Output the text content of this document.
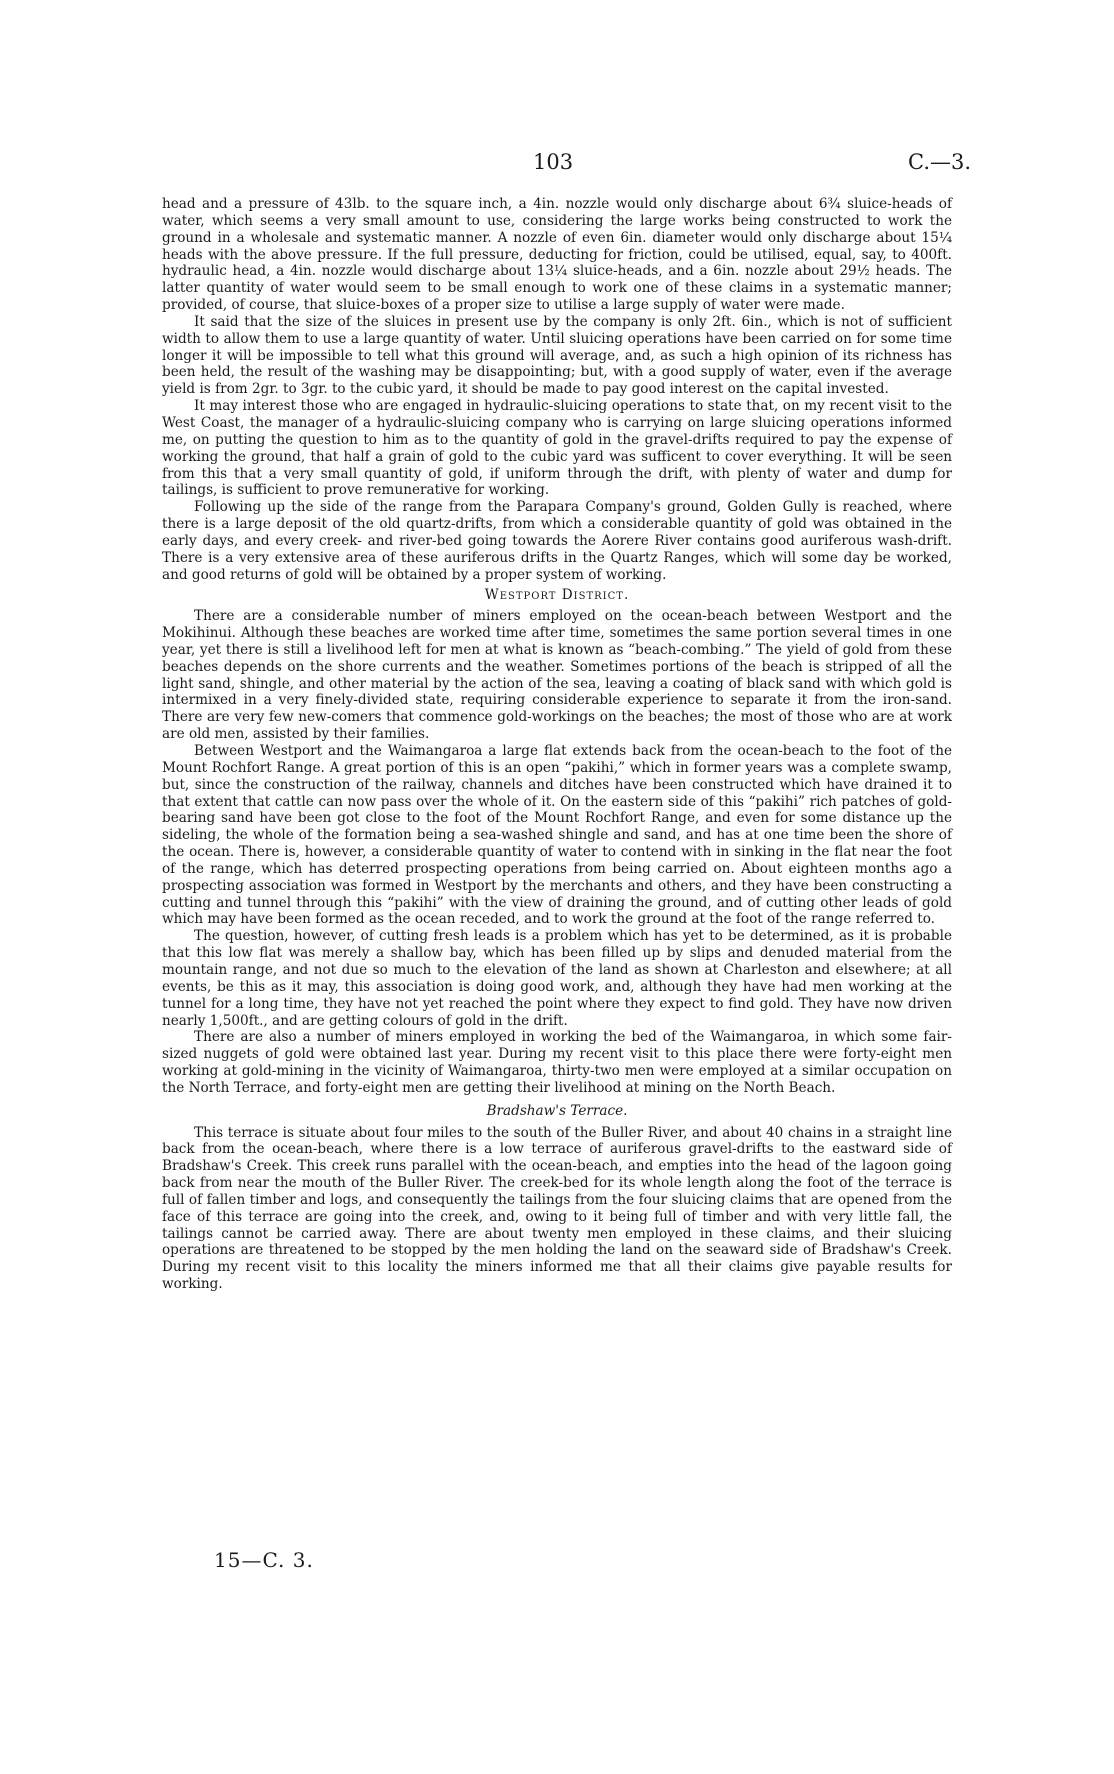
103	C.—3.

head and a pressure of 43lb. to the square inch, a 4in. nozzle would only discharge about 6¾ sluice-heads of water, which seems a very small amount to use, considering the large works being constructed to work the ground in a wholesale and systematic manner. A nozzle of even 6in. diameter would only discharge about 15¼ heads with the above pressure. If the full pressure, deducting for friction, could be utilised, equal, say, to 400ft. hydraulic head, a 4in. nozzle would discharge about 13¼ sluice-heads, and a 6in. nozzle about 29½ heads. The latter quantity of water would seem to be small enough to work one of these claims in a systematic manner; provided, of course, that sluice-boxes of a proper size to utilise a large supply of water were made.

It said that the size of the sluices in present use by the company is only 2ft. 6in., which is not of sufficient width to allow them to use a large quantity of water. Until sluicing operations have been carried on for some time longer it will be impossible to tell what this ground will average, and, as such a high opinion of its richness has been held, the result of the washing may be disappointing; but, with a good supply of water, even if the average yield is from 2gr. to 3gr. to the cubic yard, it should be made to pay good interest on the capital invested.

It may interest those who are engaged in hydraulic-sluicing operations to state that, on my recent visit to the West Coast, the manager of a hydraulic-sluicing company who is carrying on large sluicing operations informed me, on putting the question to him as to the quantity of gold in the gravel-drifts required to pay the expense of working the ground, that half a grain of gold to the cubic yard was sufficent to cover everything. It will be seen from this that a very small quantity of gold, if uniform through the drift, with plenty of water and dump for tailings, is sufficient to prove remunerative for working.

Following up the side of the range from the Parapara Company's ground, Golden Gully is reached, where there is a large deposit of the old quartz-drifts, from which a considerable quantity of gold was obtained in the early days, and every creek- and river-bed going towards the Aorere River contains good auriferous wash-drift. There is a very extensive area of these auriferous drifts in the Quartz Ranges, which will some day be worked, and good returns of gold will be obtained by a proper system of working.

Westport District.

There are a considerable number of miners employed on the ocean-beach between Westport and the Mokihinui. Although these beaches are worked time after time, sometimes the same portion several times in one year, yet there is still a livelihood left for men at what is known as “beach-combing.” The yield of gold from these beaches depends on the shore currents and the weather. Sometimes portions of the beach is stripped of all the light sand, shingle, and other material by the action of the sea, leaving a coating of black sand with which gold is intermixed in a very finely-divided state, requiring considerable experience to separate it from the iron-sand. There are very few new-comers that commence gold-workings on the beaches; the most of those who are at work are old men, assisted by their families.

Between Westport and the Waimangaroa a large flat extends back from the ocean-beach to the foot of the Mount Rochfort Range. A great portion of this is an open “pakihi,” which in former years was a complete swamp, but, since the construction of the railway, channels and ditches have been constructed which have drained it to that extent that cattle can now pass over the whole of it. On the eastern side of this “pakihi” rich patches of gold-bearing sand have been got close to the foot of the Mount Rochfort Range, and even for some distance up the sideling, the whole of the formation being a sea-washed shingle and sand, and has at one time been the shore of the ocean. There is, however, a considerable quantity of water to contend with in sinking in the flat near the foot of the range, which has deterred prospecting operations from being carried on. About eighteen months ago a prospecting association was formed in Westport by the merchants and others, and they have been constructing a cutting and tunnel through this “pakihi” with the view of draining the ground, and of cutting other leads of gold which may have been formed as the ocean receded, and to work the ground at the foot of the range referred to.

The question, however, of cutting fresh leads is a problem which has yet to be determined, as it is probable that this low flat was merely a shallow bay, which has been filled up by slips and denuded material from the mountain range, and not due so much to the elevation of the land as shown at Charleston and elsewhere; at all events, be this as it may, this association is doing good work, and, although they have had men working at the tunnel for a long time, they have not yet reached the point where they expect to find gold. They have now driven nearly 1,500ft., and are getting colours of gold in the drift.

There are also a number of miners employed in working the bed of the Waimangaroa, in which some fair-sized nuggets of gold were obtained last year. During my recent visit to this place there were forty-eight men working at gold-mining in the vicinity of Waimangaroa, thirty-two men were employed at a similar occupation on the North Terrace, and forty-eight men are getting their livelihood at mining on the North Beach.

Bradshaw's Terrace.

This terrace is situate about four miles to the south of the Buller River, and about 40 chains in a straight line back from the ocean-beach, where there is a low terrace of auriferous gravel-drifts to the eastward side of Bradshaw's Creek. This creek runs parallel with the ocean-beach, and empties into the head of the lagoon going back from near the mouth of the Buller River. The creek-bed for its whole length along the foot of the terrace is full of fallen timber and logs, and consequently the tailings from the four sluicing claims that are opened from the face of this terrace are going into the creek, and, owing to it being full of timber and with very little fall, the tailings cannot be carried away. There are about twenty men employed in these claims, and their sluicing operations are threatened to be stopped by the men holding the land on the seaward side of Bradshaw's Creek. During my recent visit to this locality the miners informed me that all their claims give payable results for working.

15—C. 3.
